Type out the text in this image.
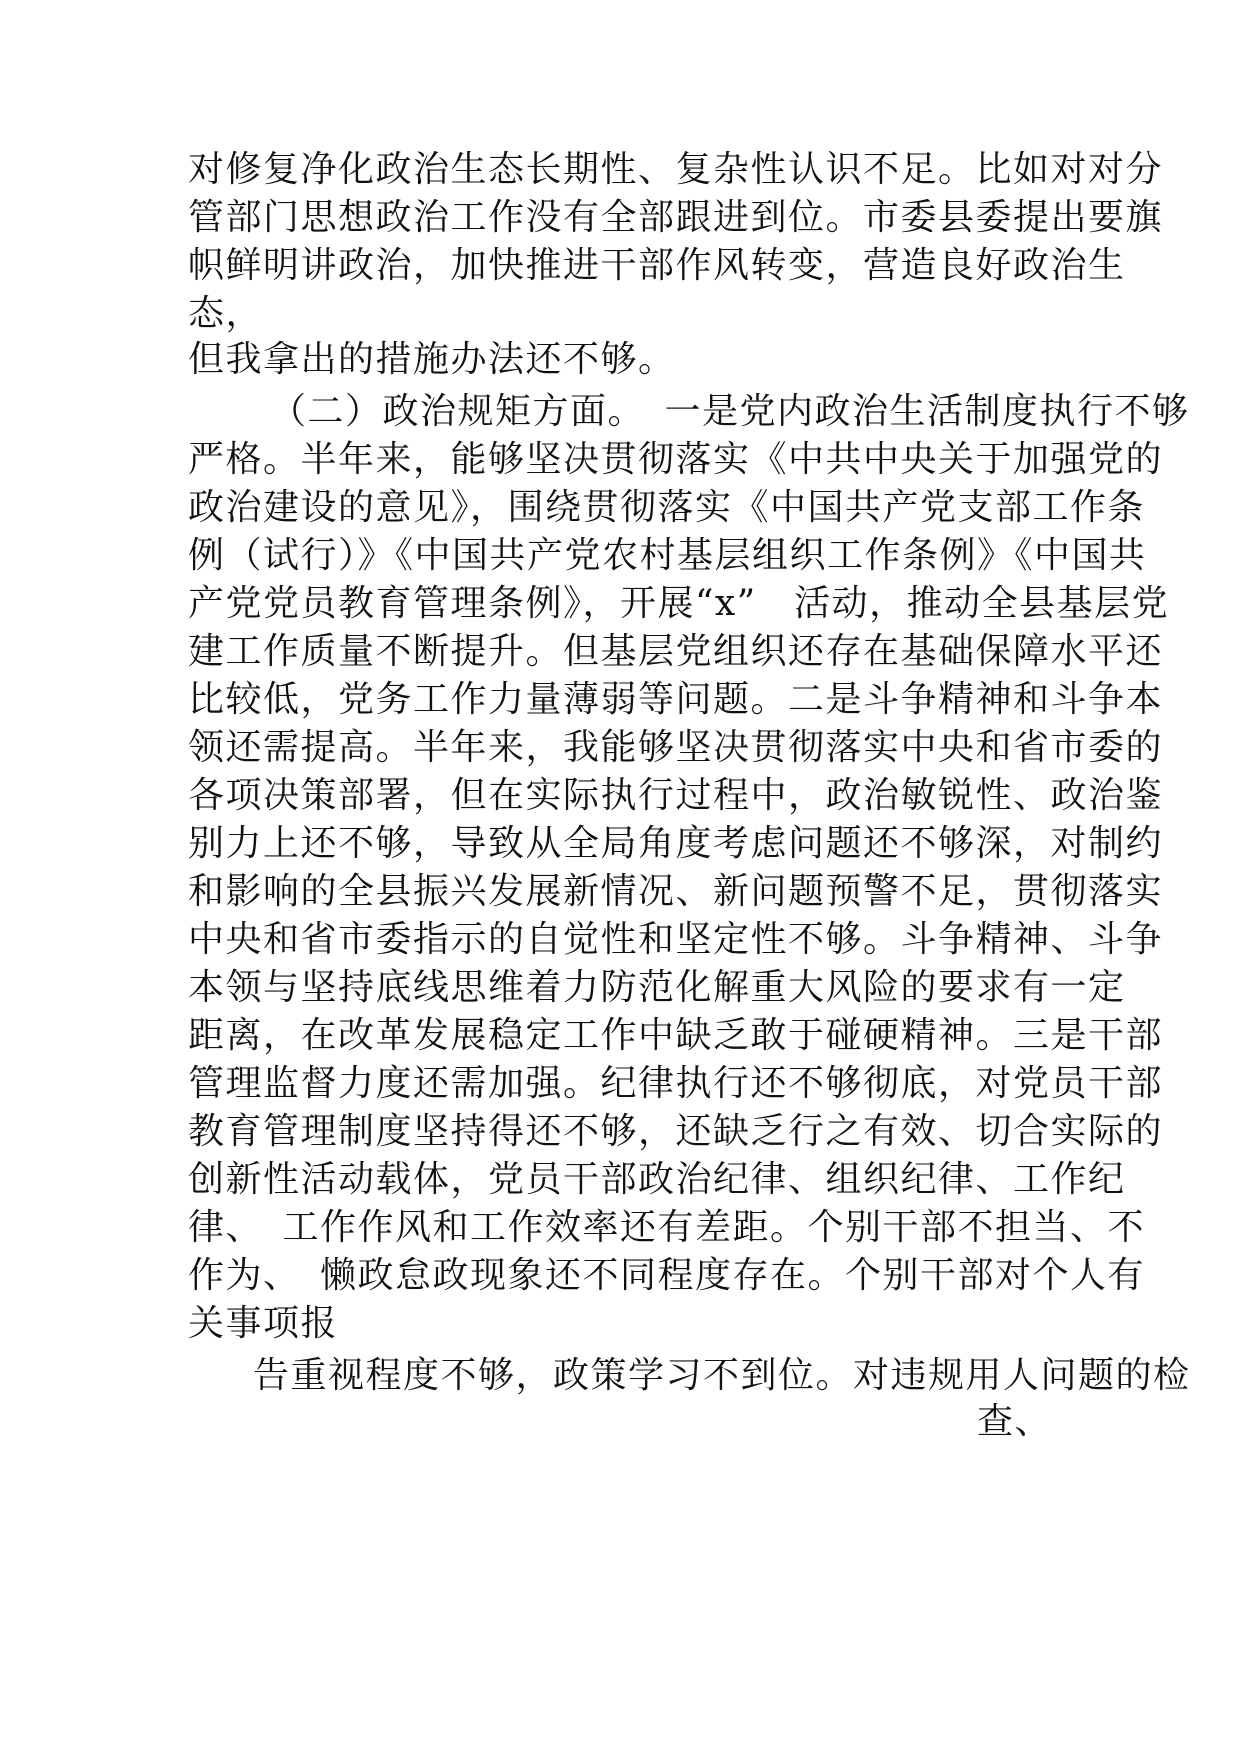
对修复净化政治生态长期性、复杂性认识不足。比如对对分
管部门思想政治工作没有全部跟进到位。市委县委提出要旗
帜鲜明讲政治，加快推进干部作风转变，营造良好政治生
态，
但我拿出的措施办法还不够。
（二）政治规矩方面。　一是党内政治生活制度执行不够
严格。半年来，能够坚决贯彻落实《中共中央关于加强党的
政治建设的意见》，围绕贯彻落实《中国共产党支部工作条
例（试行）》《中国共产党农村基层组织工作条例》《中国共
产党党员教育管理条例》，开展“x”　活动，推动全县基层党
建工作质量不断提升。但基层党组织还存在基础保障水平还
比较低，党务工作力量薄弱等问题。二是斗争精神和斗争本
领还需提高。半年来，我能够坚决贯彻落实中央和省市委的
各项决策部署，但在实际执行过程中，政治敏锐性、政治鉴
别力上还不够，导致从全局角度考虑问题还不够深，对制约
和影响的全县振兴发展新情况、新问题预警不足，贯彻落实
中央和省市委指示的自觉性和坚定性不够。斗争精神、斗争
本领与坚持底线思维着力防范化解重大风险的要求有一定
距离，在改革发展稳定工作中缺乏敢于碰硬精神。三是干部
管理监督力度还需加强。纪律执行还不够彻底，对党员干部
教育管理制度坚持得还不够，还缺乏行之有效、切合实际的
创新性活动载体，党员干部政治纪律、组织纪律、工作纪
律、　工作作风和工作效率还有差距。个别干部不担当、不
作为、　懒政怠政现象还不同程度存在。个别干部对个人有
关事项报
告重视程度不够，政策学习不到位。对违规用人问题的检
查、
